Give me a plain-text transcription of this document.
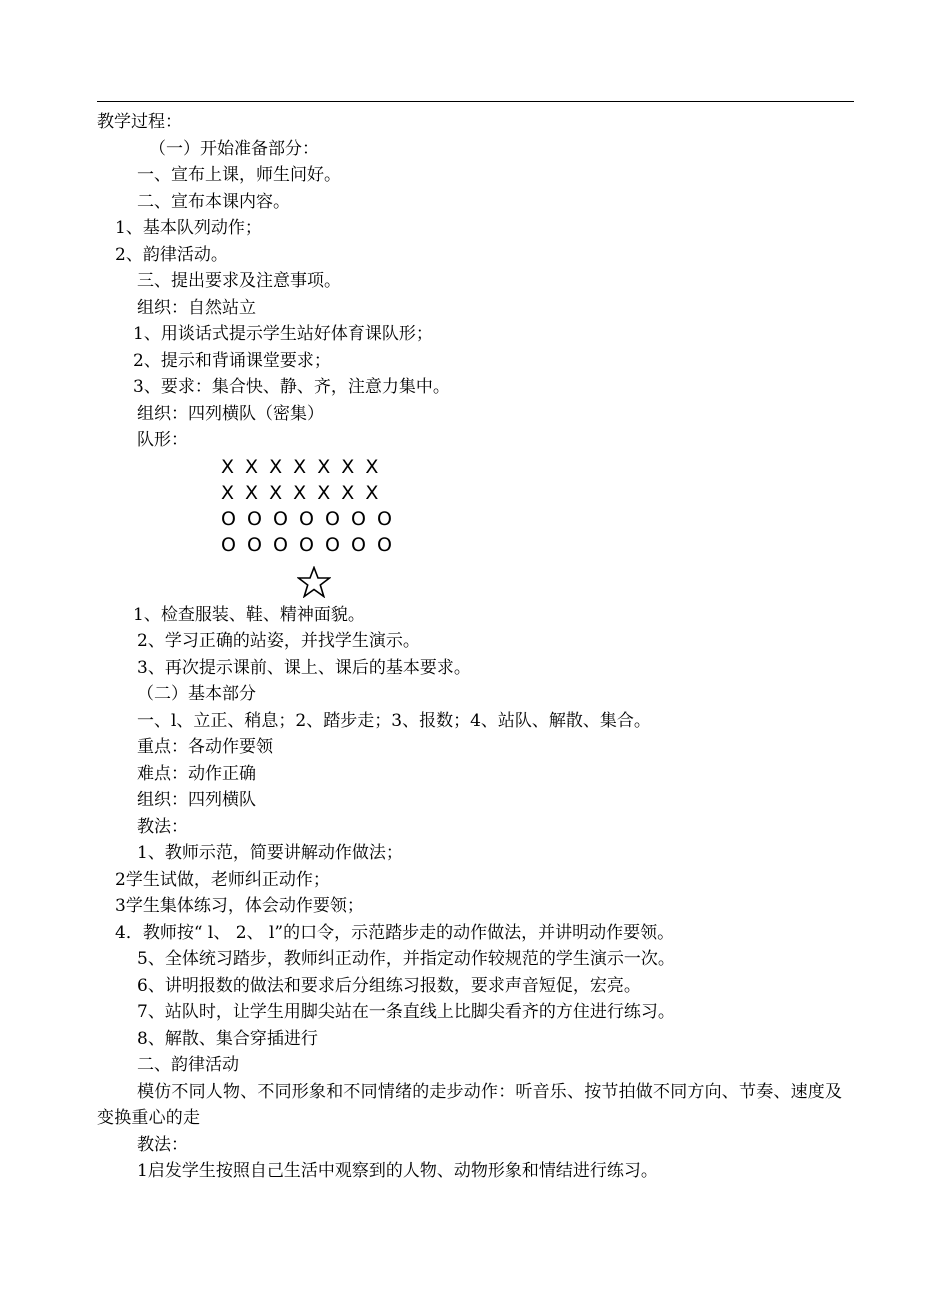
教学过程：
（一）开始准备部分：
一、宣布上课，师生问好。
二、宣布本课内容。
1、基本队列动作；
2、韵律活动。
三、提出要求及注意事项。
组织：自然站立
1、用谈话式提示学生站好体育课队形；
2、提示和背诵课堂要求；
3、要求：集合快、静、齐，注意力集中。
组织：四列横队（密集）
队形：
X X X X X X X
X X X X X X X
O O O O O O O
O O O O O O O
1、检查服装、鞋、精神面貌。
2、学习正确的站姿，并找学生演示。
3、再次提示课前、课上、课后的基本要求。
（二）基本部分
一、l、立正、稍息；2、踏步走；3、报数；4、站队、解散、集合。
重点：各动作要领
难点：动作正确
组织：四列横队
教法：
1、教师示范，简要讲解动作做法；
2学生试做，老师纠正动作；
3学生集体练习，体会动作要领；
4．教师按“ l、 2、 l”的口令，示范踏步走的动作做法，并讲明动作要领。
5、全体统习踏步，教师纠正动作，并指定动作较规范的学生演示一次。
6、讲明报数的做法和要求后分组练习报数，要求声音短促，宏亮。
7、站队时，让学生用脚尖站在一条直线上比脚尖看齐的方住进行练习。
8、解散、集合穿插进行
二、韵律活动
模仿不同人物、不同形象和不同情绪的走步动作：听音乐、按节拍做不同方向、节奏、速度及变换重心的走
教法：
1启发学生按照自己生活中观察到的人物、动物形象和情结进行练习。
